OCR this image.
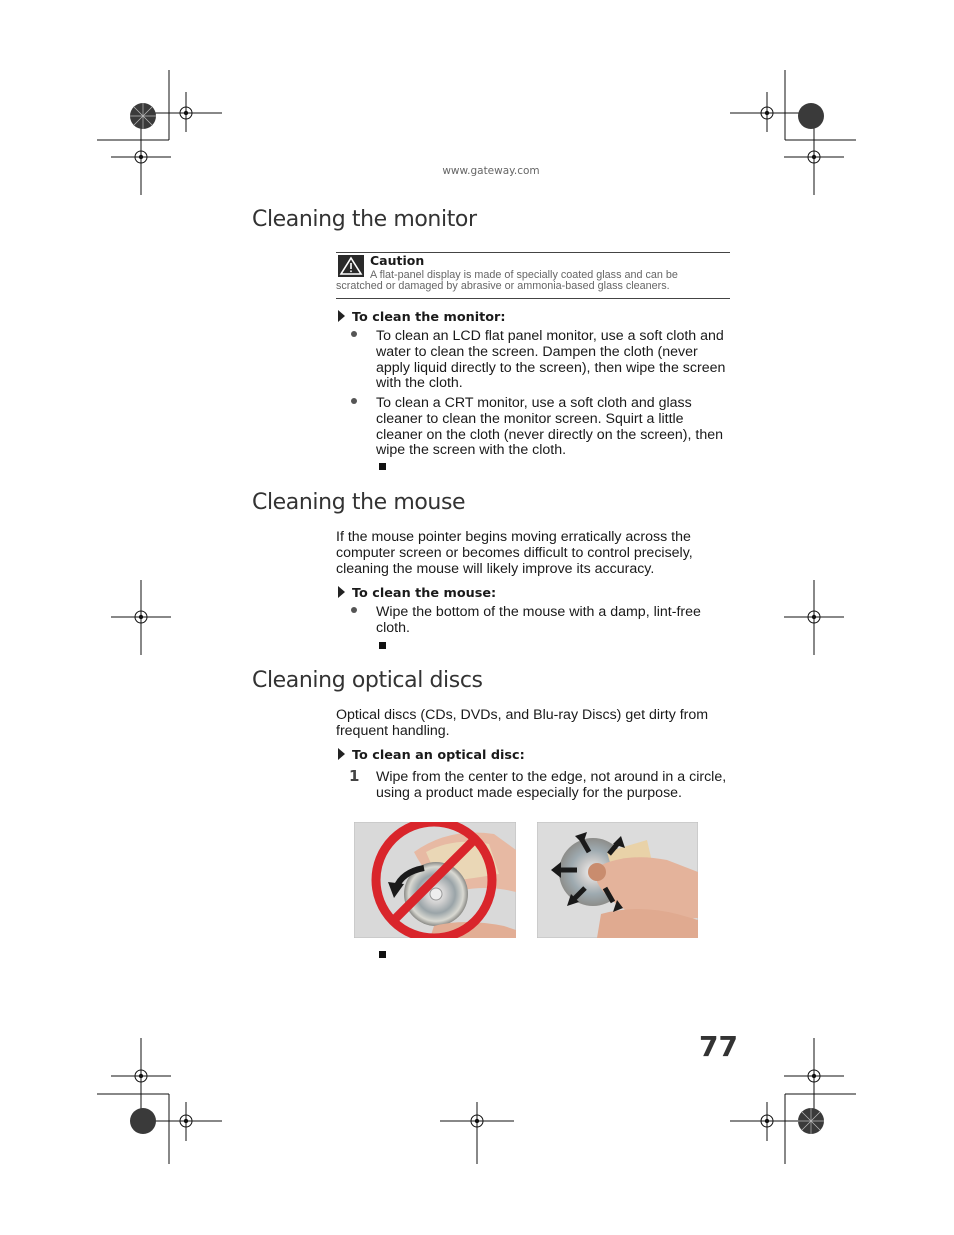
www.gateway.com
Cleaning the monitor
Caution
A flat-panel display is made of specially coated glass and can be
scratched or damaged by abrasive or ammonia-based glass cleaners.
To clean the monitor:
To clean an LCD flat panel monitor, use a soft cloth and
water to clean the screen. Dampen the cloth (never
apply liquid directly to the screen), then wipe the screen
with the cloth.
To clean a CRT monitor, use a soft cloth and glass
cleaner to clean the monitor screen. Squirt a little
cleaner on the cloth (never directly on the screen), then
wipe the screen with the cloth.
Cleaning the mouse
If the mouse pointer begins moving erratically across the
computer screen or becomes difficult to control precisely,
cleaning the mouse will likely improve its accuracy.
To clean the mouse:
Wipe the bottom of the mouse with a damp, lint-free
cloth.
Cleaning optical discs
Optical discs (CDs, DVDs, and Blu-ray Discs) get dirty from
frequent handling.
To clean an optical disc:
1 Wipe from the center to the edge, not around in a circle,
using a product made especially for the purpose.
77
